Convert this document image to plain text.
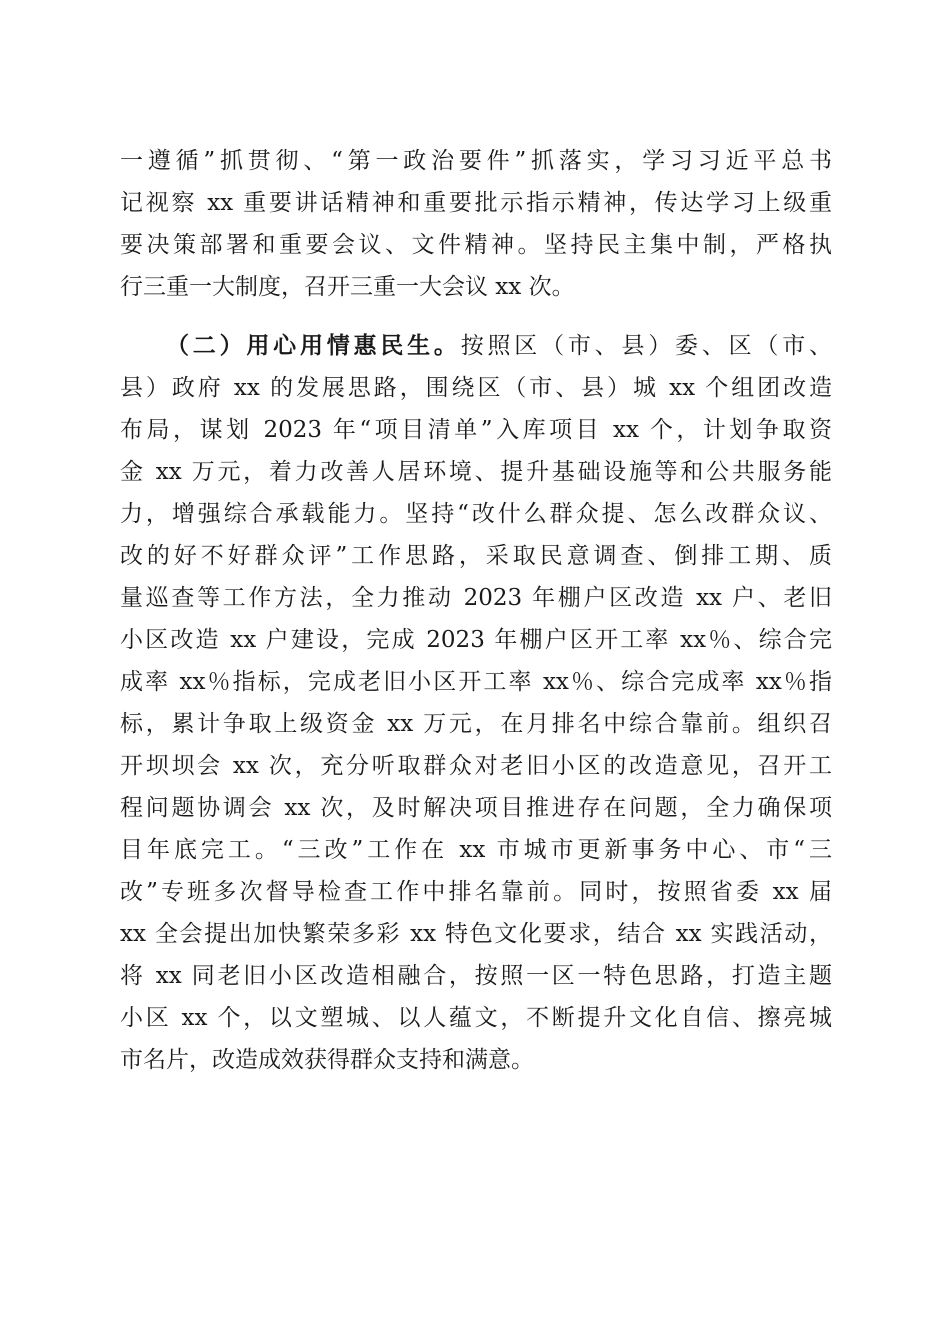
一遵循”抓贯彻、“第一政治要件”抓落实，学习习近平总书
记视察 xx 重要讲话精神和重要批示指示精神，传达学习上级重
要决策部署和重要会议、文件精神。坚持民主集中制，严格执
行三重一大制度，召开三重一大会议 xx 次。
（二）用心用情惠民生。按照区（市、县）委、区（市、
县）政府 xx 的发展思路，围绕区（市、县）城 xx 个组团改造
布局，谋划 2023 年“项目清单”入库项目 xx 个，计划争取资
金 xx 万元，着力改善人居环境、提升基础设施等和公共服务能
力，增强综合承载能力。坚持“改什么群众提、怎么改群众议、
改的好不好群众评”工作思路，采取民意调查、倒排工期、质
量巡查等工作方法，全力推动 2023 年棚户区改造 xx 户、老旧
小区改造 xx 户建设，完成 2023 年棚户区开工率 xx％、综合完
成率 xx％指标，完成老旧小区开工率 xx％、综合完成率 xx％指
标，累计争取上级资金 xx 万元，在月排名中综合靠前。组织召
开坝坝会 xx 次，充分听取群众对老旧小区的改造意见，召开工
程问题协调会 xx 次，及时解决项目推进存在问题，全力确保项
目年底完工。“三改”工作在 xx 市城市更新事务中心、市“三
改”专班多次督导检查工作中排名靠前。同时，按照省委 xx 届
xx 全会提出加快繁荣多彩 xx 特色文化要求，结合 xx 实践活动，
将 xx 同老旧小区改造相融合，按照一区一特色思路，打造主题
小区 xx 个，以文塑城、以人蕴文，不断提升文化自信、擦亮城
市名片，改造成效获得群众支持和满意。
